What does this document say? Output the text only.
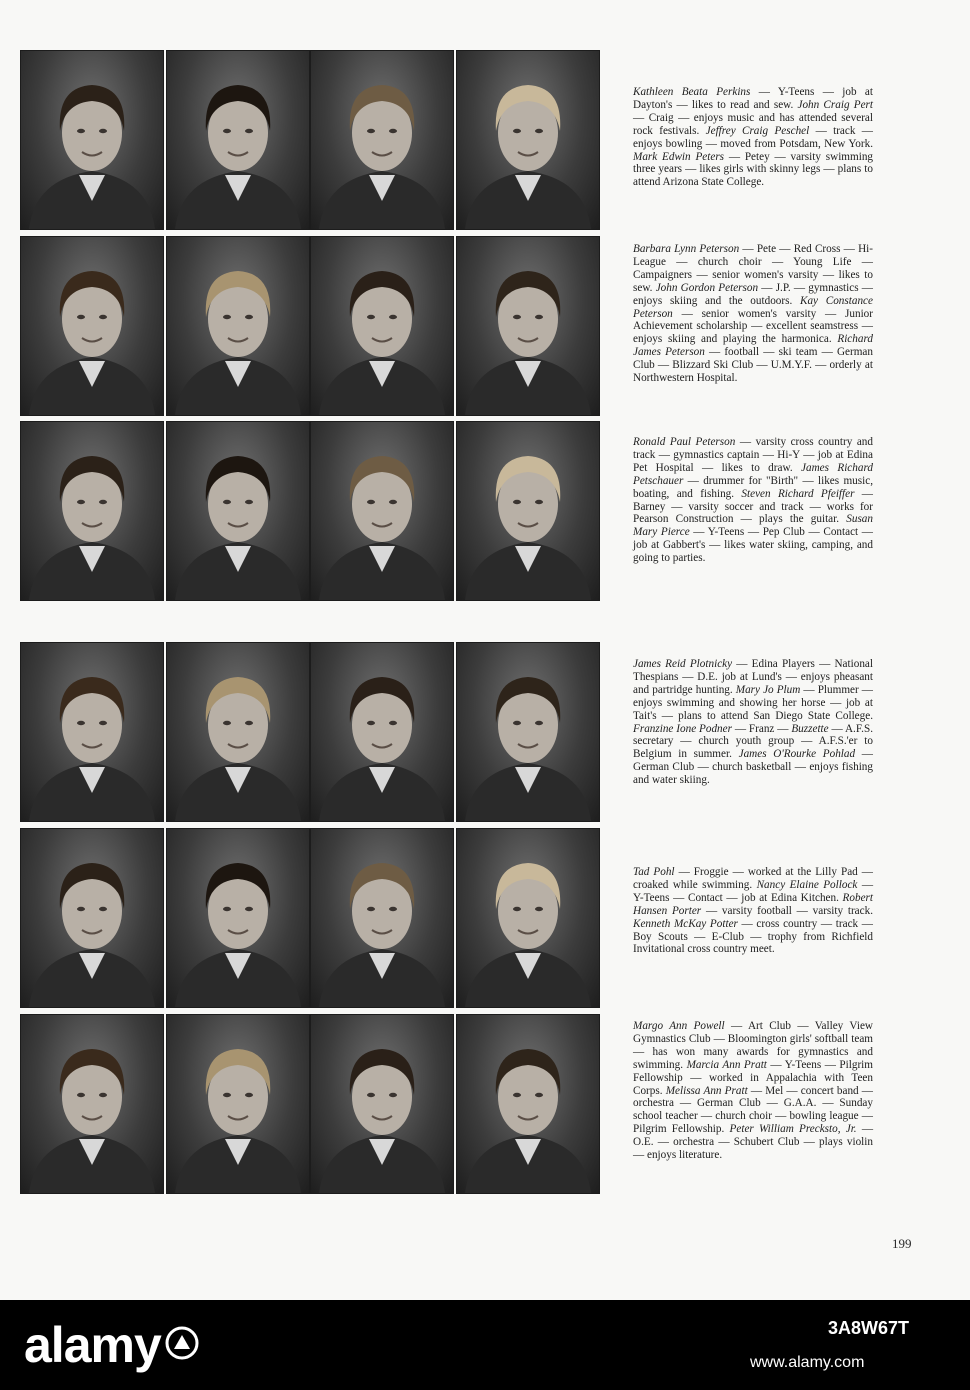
Kathleen Beata Perkins — Y-Teens — job at Dayton's — likes to read and sew. John Craig Pert — Craig — enjoys music and has attended several rock festivals. Jeffrey Craig Peschel — track — enjoys bowling — moved from Potsdam, New York. Mark Edwin Peters — Petey — varsity swimming three years — likes girls with skinny legs — plans to attend Arizona State College.

Barbara Lynn Peterson — Pete — Red Cross — Hi-League — church choir — Young Life — Campaigners — senior women's varsity — likes to sew. John Gordon Peterson — J.P. — gymnastics — enjoys skiing and the outdoors. Kay Constance Peterson — senior women's varsity — Junior Achievement scholarship — excellent seamstress — enjoys skiing and playing the harmonica. Richard James Peterson — football — ski team — German Club — Blizzard Ski Club — U.M.Y.F. — orderly at Northwestern Hospital.

Ronald Paul Peterson — varsity cross country and track — gymnastics captain — Hi-Y — job at Edina Pet Hospital — likes to draw. James Richard Petschauer — drummer for "Birth" — likes music, boating, and fishing. Steven Richard Pfeiffer — Barney — varsity soccer and track — works for Pearson Construction — plays the guitar. Susan Mary Pierce — Y-Teens — Pep Club — Contact — job at Gabbert's — likes water skiing, camping, and going to parties.

James Reid Plotnicky — Edina Players — National Thespians — D.E. job at Lund's — enjoys pheasant and partridge hunting. Mary Jo Plum — Plummer — enjoys swimming and showing her horse — job at Tait's — plans to attend San Diego State College. Franzine Ione Podner — Franz — Buzzette — A.F.S. secretary — church youth group — A.F.S.'er to Belgium in summer. James O'Rourke Pohlad — German Club — church basketball — enjoys fishing and water skiing.

Tad Pohl — Froggie — worked at the Lilly Pad — croaked while swimming. Nancy Elaine Pollock — Y-Teens — Contact — job at Edina Kitchen. Robert Hansen Porter — varsity football — varsity track. Kenneth McKay Potter — cross country — track — Boy Scouts — E-Club — trophy from Richfield Invitational cross country meet.

Margo Ann Powell — Art Club — Valley View Gymnastics Club — Bloomington girls' softball team — has won many awards for gymnastics and swimming. Marcia Ann Pratt — Y-Teens — Pilgrim Fellowship — worked in Appalachia with Teen Corps. Melissa Ann Pratt — Mel — concert band — orchestra — German Club — G.A.A. — Sunday school teacher — church choir — bowling league — Pilgrim Fellowship. Peter William Preckstо, Jr. — O.E. — orchestra — Schubert Club — plays violin — enjoys literature.

199
alamy	3A8W67T
www.alamy.com
